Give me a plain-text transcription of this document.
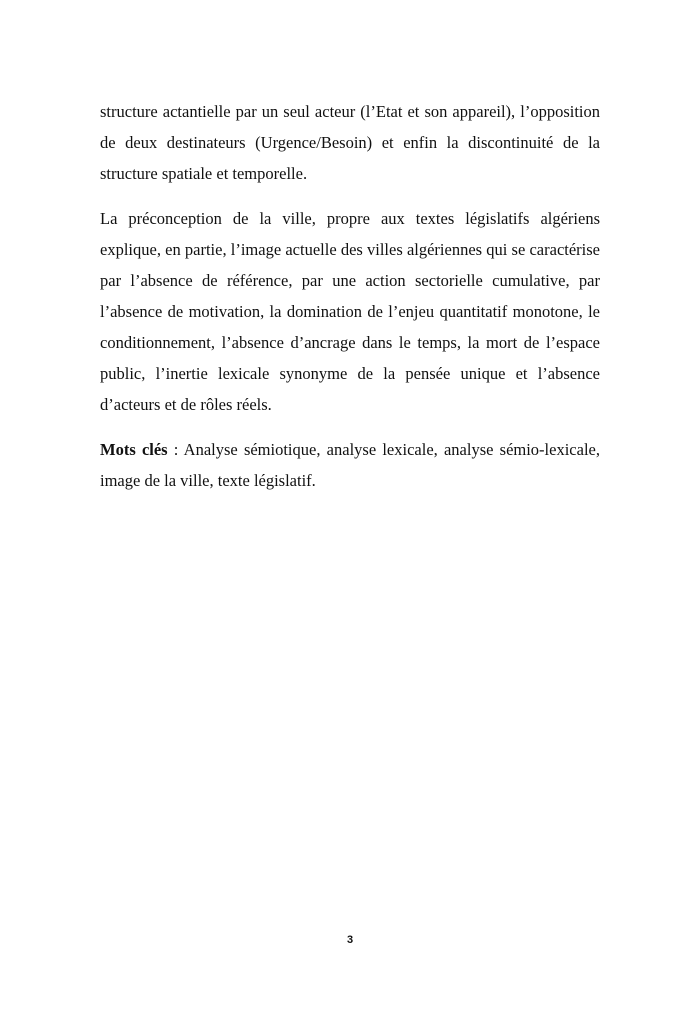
structure actantielle par un seul acteur (l’Etat et son appareil), l’opposition
de deux destinateurs (Urgence/Besoin) et enfin la discontinuité de la
structure spatiale et temporelle.

La préconception de la ville, propre aux textes législatifs algériens
explique, en partie, l’image actuelle des villes algériennes qui se caractérise
par l’absence de référence, par une action sectorielle cumulative, par
l’absence de motivation, la domination de l’enjeu quantitatif monotone, le
conditionnement, l’absence d’ancrage dans le temps, la mort de l’espace
public, l’inertie lexicale synonyme de la pensée unique et l’absence
d’acteurs et de rôles réels.

Mots clés : Analyse sémiotique, analyse lexicale, analyse sémio-lexicale,
image de la ville, texte législatif.

3
